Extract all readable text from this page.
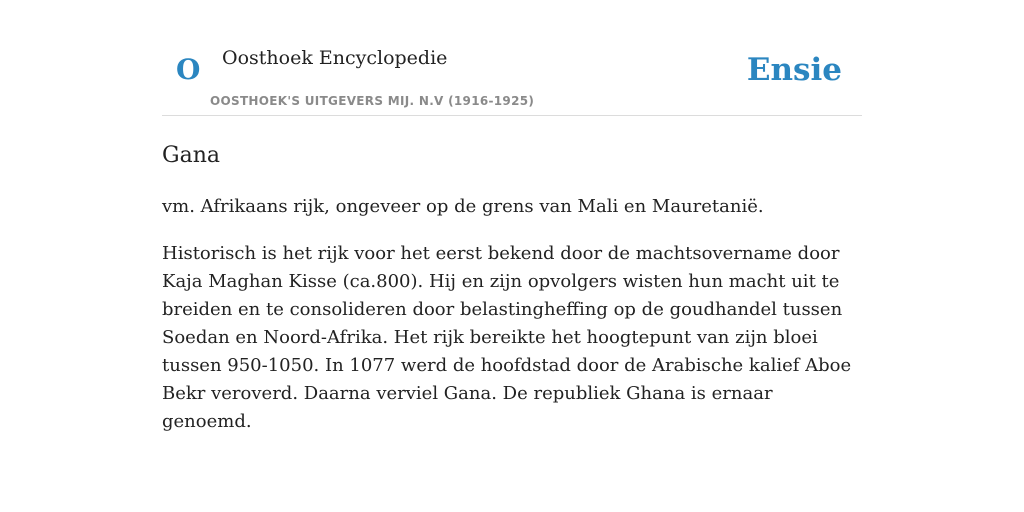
O Oosthoek Encyclopedie
OOSTHOEK'S UITGEVERS MIJ. N.V (1916-1925)
Ensie
Gana

vm. Afrikaans rijk, ongeveer op de grens van Mali en Mauretanië.

Historisch is het rijk voor het eerst bekend door de machtsovername door Kaja Maghan Kisse (ca.800). Hij en zijn opvolgers wisten hun macht uit te breiden en te consolideren door belastingheffing op de goudhandel tussen Soedan en Noord-Afrika. Het rijk bereikte het hoogtepunt van zijn bloei tussen 950-1050. In 1077 werd de hoofdstad door de Arabische kalief Aboe Bekr veroverd. Daarna verviel Gana. De republiek Ghana is ernaar genoemd.
